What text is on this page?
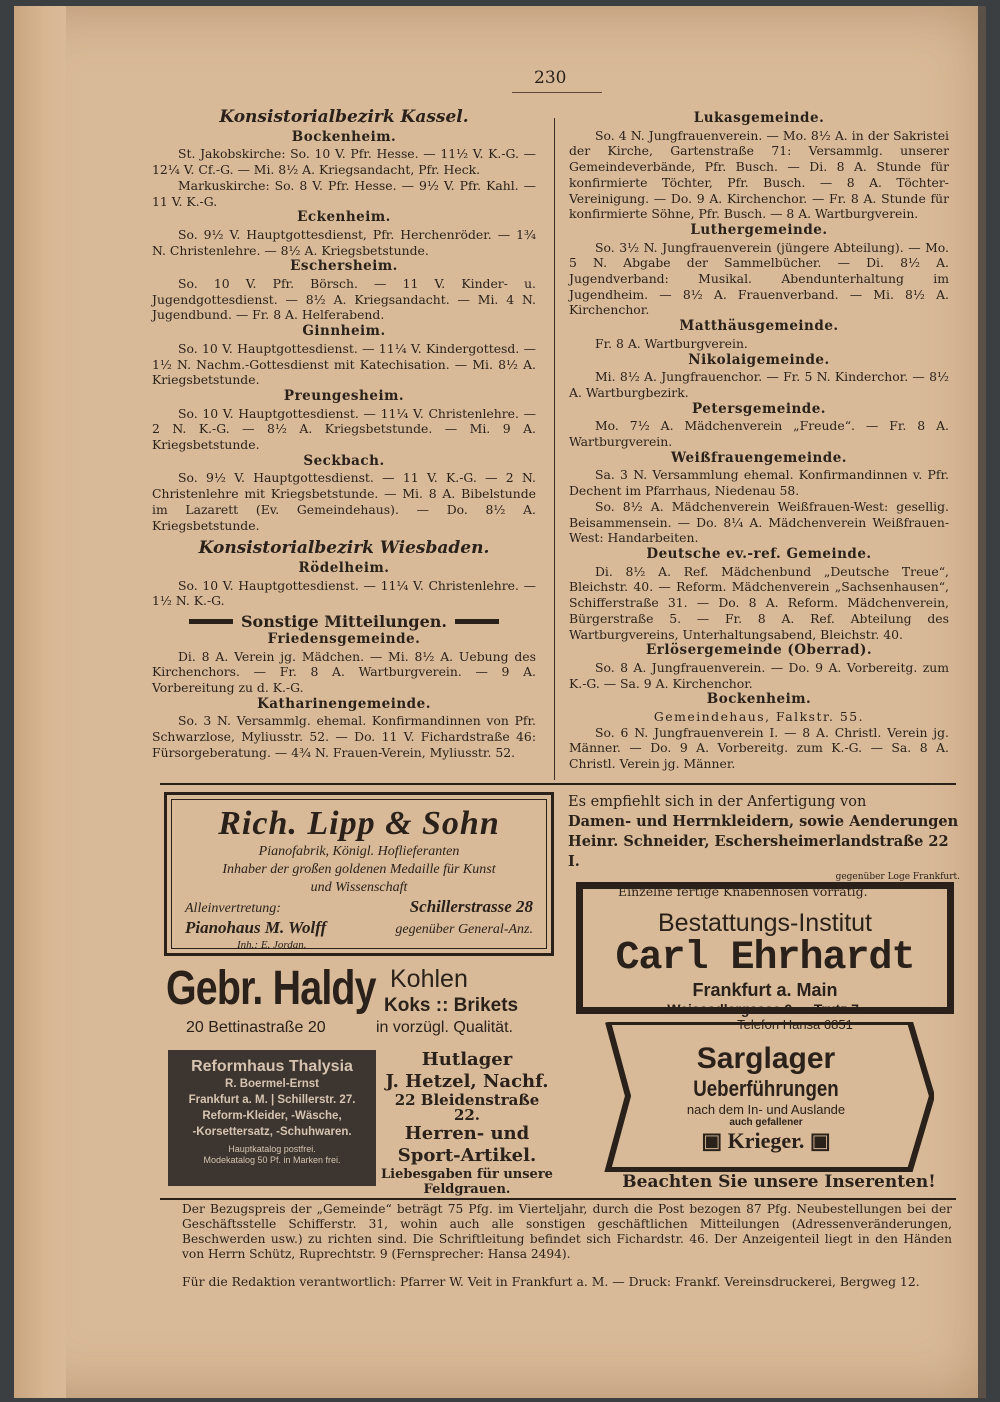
230
Konsistorialbezirk Kassel.
Bockenheim.

St. Jakobskirche: So. 10 V. Pfr. Hesse. — 11½ V. K.-G. — 12¼ V. Cf.-G. — Mi. 8½ A. Kriegsandacht, Pfr. Heck.

Markuskirche: So. 8 V. Pfr. Hesse. — 9½ V. Pfr. Kahl. — 11 V. K.-G.

Eckenheim.

So. 9½ V. Hauptgottesdienst, Pfr. Herchenröder. — 1¾ N. Christenlehre. — 8½ A. Kriegsbetstunde.

Eschersheim.

So. 10 V. Pfr. Börsch. — 11 V. Kinder- u. Jugendgottesdienst. — 8½ A. Kriegsandacht. — Mi. 4 N. Jugendbund. — Fr. 8 A. Helferabend.

Ginnheim.

So. 10 V. Hauptgottesdienst. — 11¼ V. Kindergottesd. — 1½ N. Nachm.-Gottesdienst mit Katechisation. — Mi. 8½ A. Kriegsbetstunde.

Preungesheim.

So. 10 V. Hauptgottesdienst. — 11¼ V. Christenlehre. — 2 N. K.-G. — 8½ A. Kriegsbetstunde. — Mi. 9 A. Kriegsbetstunde.

Seckbach.

So. 9½ V. Hauptgottesdienst. — 11 V. K.-G. — 2 N. Christenlehre mit Kriegsbetstunde. — Mi. 8 A. Bibelstunde im Lazarett (Ev. Gemeindehaus). — Do. 8½ A. Kriegsbetstunde.

Konsistorialbezirk Wiesbaden.
Rödelheim.

So. 10 V. Hauptgottesdienst. — 11¼ V. Christenlehre. — 1½ N. K.-G.

Sonstige Mitteilungen.
Friedensgemeinde.

Di. 8 A. Verein jg. Mädchen. — Mi. 8½ A. Uebung des Kirchenchors. — Fr. 8 A. Wartburgverein. — 9 A. Vorbereitung zu d. K.-G.

Katharinengemeinde.

So. 3 N. Versammlg. ehemal. Konfirmandinnen von Pfr. Schwarzlose, Myliusstr. 52. — Do. 11 V. Fichardstraße 46: Fürsorgeberatung. — 4¾ N. Frauen-Verein, Myliusstr. 52.

Lukasgemeinde.

So. 4 N. Jungfrauenverein. — Mo. 8½ A. in der Sakristei der Kirche, Gartenstraße 71: Versammlg. unserer Gemeindeverbände, Pfr. Busch. — Di. 8 A. Stunde für konfirmierte Töchter, Pfr. Busch. — 8 A. Töchter-Vereinigung. — Do. 9 A. Kirchenchor. — Fr. 8 A. Stunde für konfirmierte Söhne, Pfr. Busch. — 8 A. Wartburgverein.

Luthergemeinde.

So. 3½ N. Jungfrauenverein (jüngere Abteilung). — Mo. 5 N. Abgabe der Sammelbücher. — Di. 8½ A. Jugendverband: Musikal. Abendunterhaltung im Jugendheim. — 8½ A. Frauenverband. — Mi. 8½ A. Kirchenchor.

Matthäusgemeinde.

Fr. 8 A. Wartburgverein.

Nikolaigemeinde.

Mi. 8½ A. Jungfrauenchor. — Fr. 5 N. Kinderchor. — 8½ A. Wartburgbezirk.

Petersgemeinde.

Mo. 7½ A. Mädchenverein „Freude“. — Fr. 8 A. Wartburgverein.

Weißfrauengemeinde.

Sa. 3 N. Versammlung ehemal. Konfirmandinnen v. Pfr. Dechent im Pfarrhaus, Niedenau 58.

So. 8½ A. Mädchenverein Weißfrauen-West: gesellig. Beisammensein. — Do. 8¼ A. Mädchenverein Weißfrauen-West: Handarbeiten.

Deutsche ev.-ref. Gemeinde.

Di. 8½ A. Ref. Mädchenbund „Deutsche Treue“, Bleichstr. 40. — Reform. Mädchenverein „Sachsenhausen“, Schifferstraße 31. — Do. 8 A. Reform. Mädchenverein, Bürgerstraße 5. — Fr. 8 A. Ref. Abteilung des Wartburgvereins, Unterhaltungsabend, Bleichstr. 40.

Erlösergemeinde (Oberrad).

So. 8 A. Jungfrauenverein. — Do. 9 A. Vorbereitg. zum K.-G. — Sa. 9 A. Kirchenchor.

Bockenheim.
Gemeindehaus, Falkstr. 55.

So. 6 N. Jungfrauenverein I. — 8 A. Christl. Verein jg. Männer. — Do. 9 A. Vorbereitg. zum K.-G. — Sa. 8 A. Christl. Verein jg. Männer.

Rich. Lipp & Sohn
Pianofabrik, Königl. Hoflieferanten
Inhaber der großen goldenen Medaille für Kunst
und Wissenschaft
Alleinvertretung:	Schillerstrasse 28
Pianohaus M. Wolff	gegenüber General-Anz.
Inh.: E. Jordan.
Gebr. Haldy Kohlen
Koks :: Brikets
20 Bettinastraße 20	in vorzügl. Qualität.
Reformhaus Thalysia
R. Boermel-Ernst
Frankfurt a. M. | Schillerstr. 27.
Reform-Kleider, -Wäsche,
-Korsettersatz, -Schuhwaren.
Hauptkatalog postfrei.
Modekatalog 50 Pf. in Marken frei.
Hutlager
J. Hetzel, Nachf.
22 Bleidenstraße 22.
Herren- und
Sport-Artikel.
Liebesgaben für unsere Feldgrauen.
Es empfiehlt sich in der Anfertigung von
Damen- und Herrnkleidern, sowie Aenderungen
Heinr. Schneider, Eschersheimerlandstraße 22 I.
gegenüber Loge Frankfurt.
Einzelne fertige Knabenhosen vorrätig.
Bestattungs-Institut
Carl Ehrhardt
Frankfurt a. Main
Weissadlergasse 9. •• Trutz 7.
Telefon Hansa 6851
Sarglager
Ueberführungen
nach dem In- und Auslande
auch gefallener
▣ Krieger. ▣
Beachten Sie unsere Inserenten!
Der Bezugspreis der „Gemeinde“ beträgt 75 Pfg. im Vierteljahr, durch die Post bezogen 87 Pfg. Neubestellungen bei der Geschäftsstelle Schifferstr. 31, wohin auch alle sonstigen geschäftlichen Mitteilungen (Adressenveränderungen, Beschwerden usw.) zu richten sind. Die Schriftleitung befindet sich Fichardstr. 46. Der Anzeigenteil liegt in den Händen von Herrn Schütz, Ruprechtstr. 9 (Fernsprecher: Hansa 2494).
Für die Redaktion verantwortlich: Pfarrer W. Veit in Frankfurt a. M. — Druck: Frankf. Vereinsdruckerei, Bergweg 12.
